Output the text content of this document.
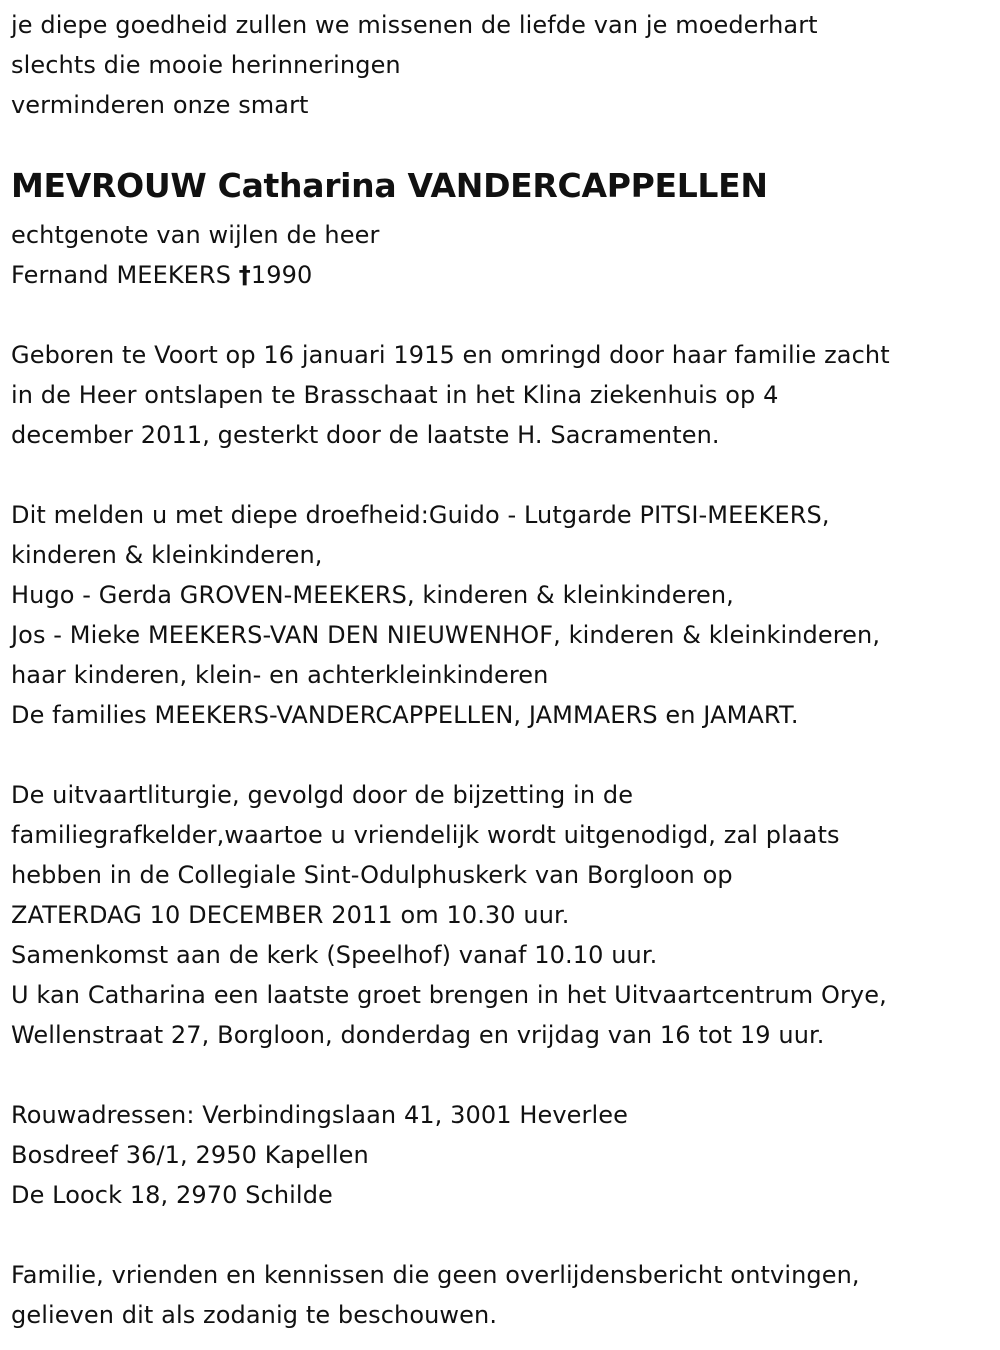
je diepe goedheid zullen we missenen de liefde van je moederhart
slechts die mooie herinneringen
verminderen onze smart
MEVROUW Catharina VANDERCAPPELLEN
echtgenote van wijlen de heer
Fernand MEEKERS †1990
Geboren te Voort op 16 januari 1915 en omringd door haar familie zacht
in de Heer ontslapen te Brasschaat in het Klina ziekenhuis op 4
december 2011, gesterkt door de laatste H. Sacramenten.
Dit melden u met diepe droefheid:Guido - Lutgarde PITSI-MEEKERS,
kinderen & kleinkinderen,
Hugo - Gerda GROVEN-MEEKERS, kinderen & kleinkinderen,
Jos - Mieke MEEKERS-VAN DEN NIEUWENHOF, kinderen & kleinkinderen,
haar kinderen, klein- en achterkleinkinderen
De families MEEKERS-VANDERCAPPELLEN, JAMMAERS en JAMART.
De uitvaartliturgie, gevolgd door de bijzetting in de
familiegrafkelder,waartoe u vriendelijk wordt uitgenodigd, zal plaats
hebben in de Collegiale Sint-Odulphuskerk van Borgloon op
ZATERDAG 10 DECEMBER 2011 om 10.30 uur.
Samenkomst aan de kerk (Speelhof) vanaf 10.10 uur.
U kan Catharina een laatste groet brengen in het Uitvaartcentrum Orye,
Wellenstraat 27, Borgloon, donderdag en vrijdag van 16 tot 19 uur.
Rouwadressen: Verbindingslaan 41, 3001 Heverlee
Bosdreef 36/1, 2950 Kapellen
De Loock 18, 2970 Schilde
Familie, vrienden en kennissen die geen overlijdensbericht ontvingen,
gelieven dit als zodanig te beschouwen.
